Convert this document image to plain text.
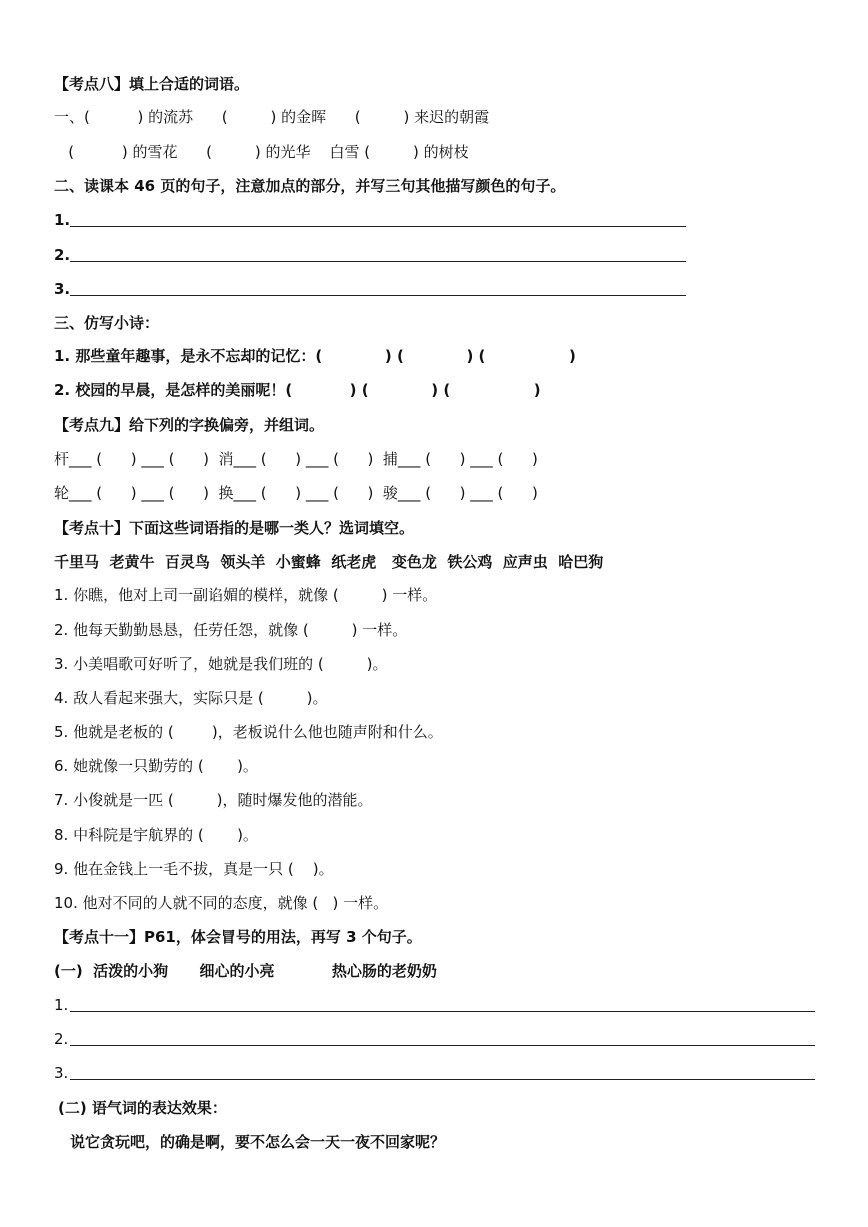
【考点八】填上合适的词语。
一、(          ) 的流苏      (         ) 的金晖      (         ) 来迟的朝霞
(          ) 的雪花      (         ) 的光华    白雪 (         ) 的树枝
二、读课本 46 页的句子，注意加点的部分，并写三句其他描写颜色的句子。
1.
2.
3.
三、仿写小诗：
1. 那些童年趣事，是永不忘却的记忆：(            ) (            ) (                )
2. 校园的早晨，是怎样的美丽呢！(           ) (            ) (                )
【考点九】给下列的字换偏旁，并组词。
杆___ (      ) ___ (      )  消___ (      ) ___ (      )  捕___ (      ) ___ (      )
轮___ (      ) ___ (      )  换___ (      ) ___ (      )  骏___ (      ) ___ (      )
【考点十】下面这些词语指的是哪一类人？选词填空。
千里马  老黄牛  百灵鸟  领头羊  小蜜蜂  纸老虎   变色龙  铁公鸡  应声虫  哈巴狗
1. 你瞧，他对上司一副谄媚的模样，就像 (         ) 一样。
2. 他每天勤勤恳恳，任劳任怨，就像 (         ) 一样。
3. 小美唱歌可好听了，她就是我们班的 (         )。
4. 敌人看起来强大，实际只是 (         )。
5. 他就是老板的 (        )，老板说什么他也随声附和什么。
6. 她就像一只勤劳的 (       )。
7. 小俊就是一匹 (         )，随时爆发他的潜能。
8. 中科院是宇航界的 (       )。
9. 他在金钱上一毛不拔，真是一只 (    )。
10. 他对不同的人就不同的态度，就像 (   ) 一样。
【考点十一】P61，体会冒号的用法，再写 3 个句子。
(一)  活泼的小狗      细心的小亮           热心肠的老奶奶
1.
2.
3.
(二) 语气词的表达效果：
说它贪玩吧，的确是啊，要不怎么会一天一夜不回家呢？
